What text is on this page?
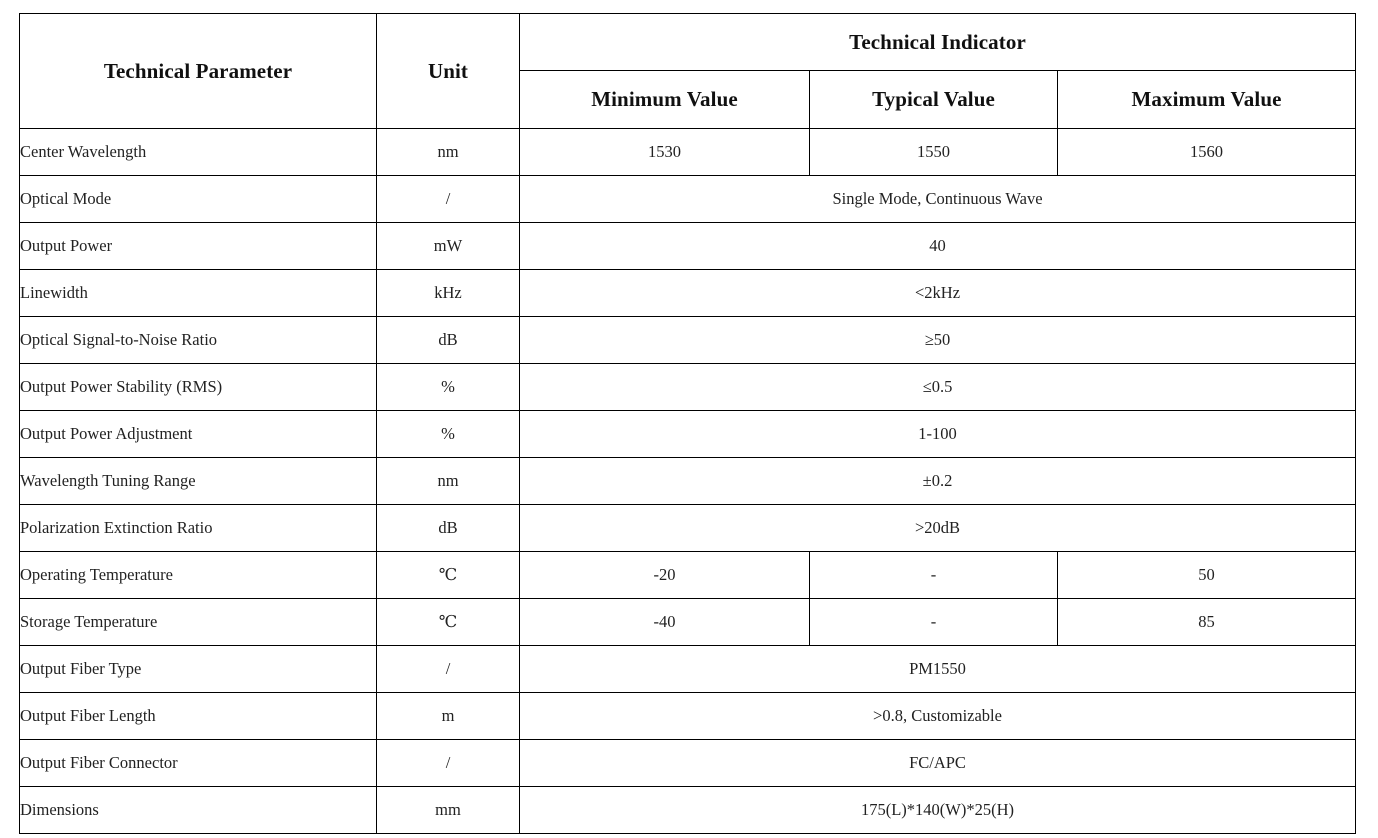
Technical Parameter	Unit	Technical Indicator		
		Minimum Value	Typical Value	Maximum Value
Center Wavelength	nm	1530	1550	1560
Optical Mode	/	Single Mode, Continuous Wave		
Output Power	mW	40		
Linewidth	kHz	<2kHz		
Optical Signal-to-Noise Ratio	dB	≥50		
Output Power Stability (RMS)	%	≤0.5		
Output Power Adjustment	%	1-100		
Wavelength Tuning Range	nm	±0.2		
Polarization Extinction Ratio	dB	>20dB		
Operating Temperature	℃	-20	-	50
Storage Temperature	℃	-40	-	85
Output Fiber Type	/	PM1550		
Output Fiber Length	m	>0.8, Customizable		
Output Fiber Connector	/	FC/APC		
Dimensions	mm	175(L)*140(W)*25(H)		
